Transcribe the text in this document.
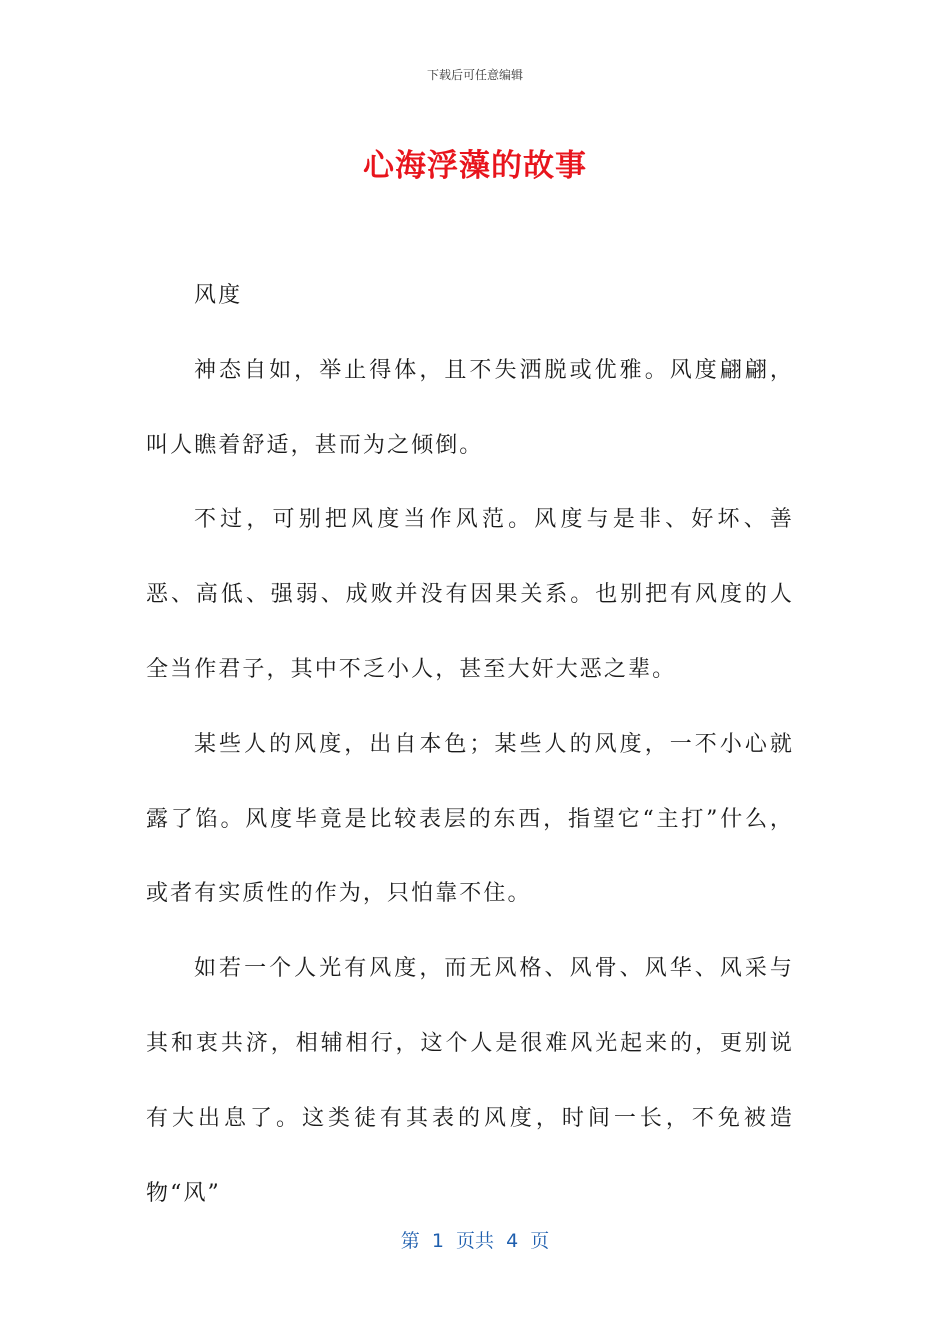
下载后可任意编辑
心海浮藻的故事

风度

神态自如，举止得体，且不失洒脱或优雅。风度翩翩，叫人瞧着舒适，甚而为之倾倒。

不过，可别把风度当作风范。风度与是非、好坏、善恶、高低、强弱、成败并没有因果关系。也别把有风度的人全当作君子，其中不乏小人，甚至大奸大恶之辈。

某些人的风度，出自本色；某些人的风度，一不小心就露了馅。风度毕竟是比较表层的东西，指望它“主打”什么，或者有实质性的作为，只怕靠不住。

如若一个人光有风度，而无风格、风骨、风华、风采与其和衷共济，相辅相行，这个人是很难风光起来的，更别说有大出息了。这类徒有其表的风度，时间一长，不免被造物“风”

第  1  页共  4  页
